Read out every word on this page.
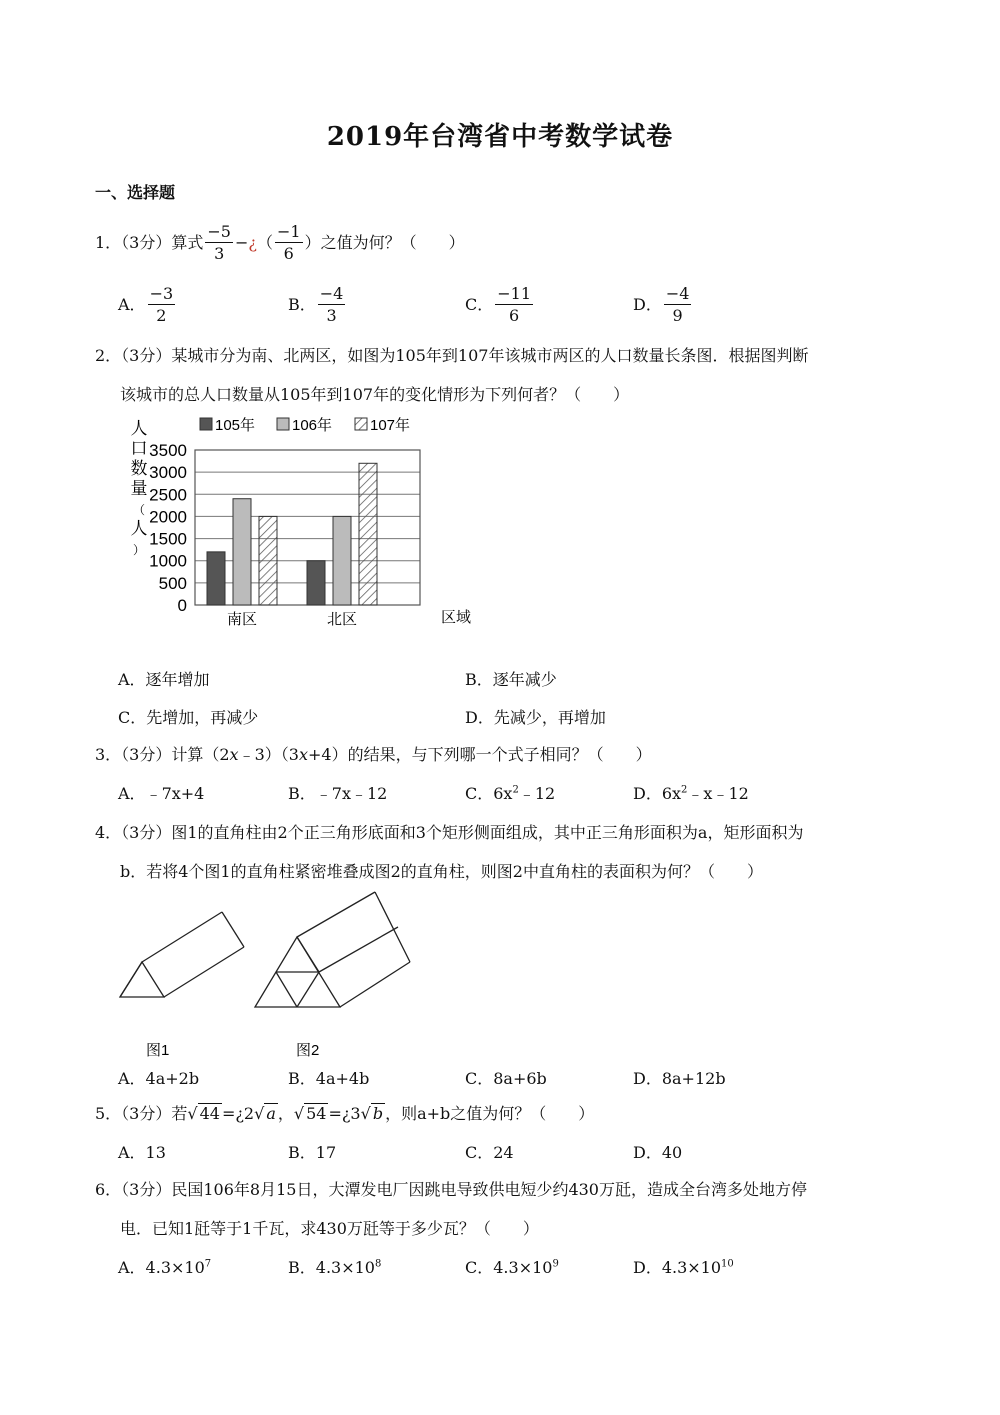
2019年台湾省中考数学试卷
一、选择题
1．（3分）算式 $\frac{-5}{3}$ −¿（ $\frac{-1}{6}$ ）之值为何？（　　）
A． $\frac{-3}{2}$	B． $\frac{-4}{3}$	C． $\frac{-11}{6}$	D． $\frac{-4}{9}$
2．（3分）某城市分为南、北两区，如图为105年到107年该城市两区的人口数量长条图．根据图判断
该城市的总人口数量从105年到107年的变化情形为下列何者？（　　）
105年 106年	107年
人口数量（人）
0
500
1000
1500
2000
2500
3000
3500
南区	北区	区域
A．逐年增加	B．逐年减少
C．先增加，再减少	D．先减少，再增加
3．（3分）计算（2x﹣3）（3x+4）的结果，与下列哪一个式子相同？（　　）
A．﹣7x+4	B．﹣7x﹣12	C．$6x^2﹣12$	D．$6x^2﹣x﹣12$
4．（3分）图1的直角柱由2个正三角形底面和3个矩形侧面组成，其中正三角形面积为a，矩形面积为
b．若将4个图1的直角柱紧密堆叠成图2的直角柱，则图2中直角柱的表面积为何？（　　）
图1	图2
A．4a+2b	B．4a+4b	C．8a+6b	D．8a+12b
5．（3分）若√ 44 =¿2√ a ，√ 54 =¿3√ b ，则a+b之值为何？（　　）
A．13	B．17	C．24	D．40
6．（3分）民国106年8月15日，大潭发电厂因跳电导致供电短少约430万瓩，造成全台湾多处地方停
电．已知1瓩等于1千瓦，求430万瓩等于多少瓦？（　　）
A．$4.3\times 10^7$	B．$4.3\times 10^8$	C．$4.3\times 10^9$	D．$4.3\times 10^{10}$
